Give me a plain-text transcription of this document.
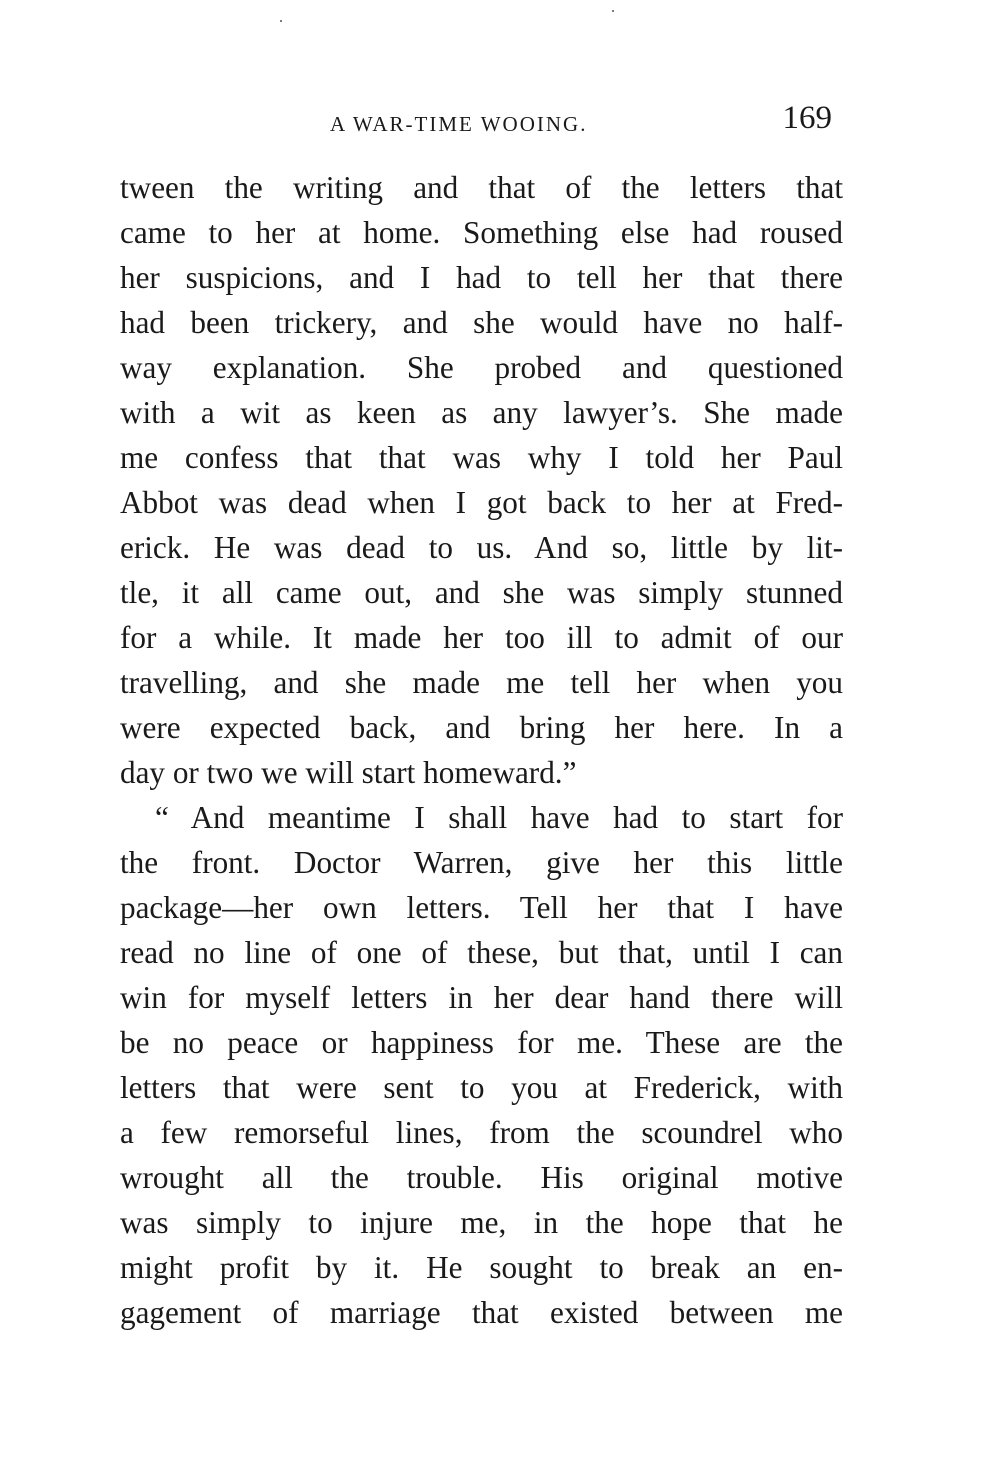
A WAR-TIME WOOING.	169
tween the writing and that of the letters that
came to her at home. Something else had roused
her suspicions, and I had to tell her that there
had been trickery, and she would have no half-
way explanation. She probed and questioned
with a wit as keen as any lawyer’s. She made
me confess that that was why I told her Paul
Abbot was dead when I got back to her at Fred-
erick. He was dead to us. And so, little by lit-
tle, it all came out, and she was simply stunned
for a while. It made her too ill to admit of our
travelling, and she made me tell her when you
were expected back, and bring her here. In a
day or two we will start homeward.”
“ And meantime I shall have had to start for
the front. Doctor Warren, give her this little
package—her own letters. Tell her that I have
read no line of one of these, but that, until I can
win for myself letters in her dear hand there will
be no peace or happiness for me. These are the
letters that were sent to you at Frederick, with
a few remorseful lines, from the scoundrel who
wrought all the trouble. His original motive
was simply to injure me, in the hope that he
might profit by it. He sought to break an en-
gagement of marriage that existed between me
